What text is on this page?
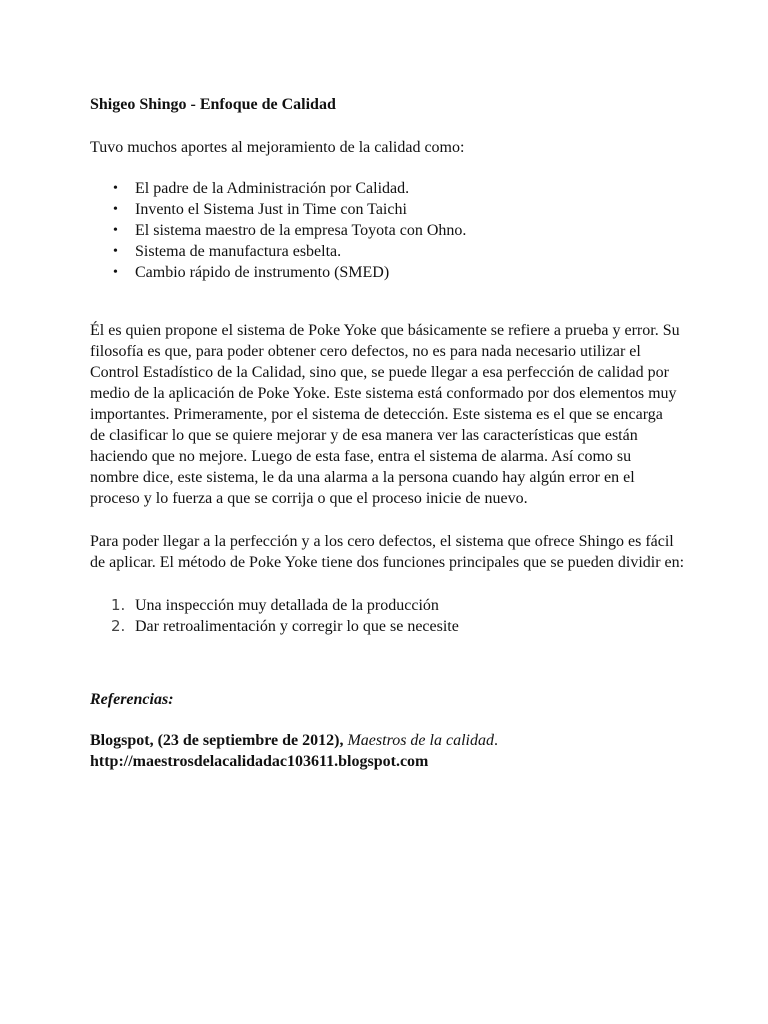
Shigeo Shingo - Enfoque de Calidad

Tuvo muchos aportes al mejoramiento de la calidad como:

• El padre de la Administración por Calidad.
• Invento el Sistema Just in Time con Taichi
• El sistema maestro de la empresa Toyota con Ohno.
• Sistema de manufactura esbelta.
• Cambio rápido de instrumento (SMED)

Él es quien propone el sistema de Poke Yoke que básicamente se refiere a prueba y error. Su filosofía es que, para poder obtener cero defectos, no es para nada necesario utilizar el Control Estadístico de la Calidad, sino que, se puede llegar a esa perfección de calidad por medio de la aplicación de Poke Yoke. Este sistema está conformado por dos elementos muy importantes. Primeramente, por el sistema de detección. Este sistema es el que se encarga de clasificar lo que se quiere mejorar y de esa manera ver las características que están haciendo que no mejore. Luego de esta fase, entra el sistema de alarma. Así como su nombre dice, este sistema, le da una alarma a la persona cuando hay algún error en el proceso y lo fuerza a que se corrija o que el proceso inicie de nuevo.

Para poder llegar a la perfección y a los cero defectos, el sistema que ofrece Shingo es fácil de aplicar. El método de Poke Yoke tiene dos funciones principales que se pueden dividir en:

1. Una inspección muy detallada de la producción
2. Dar retroalimentación y corregir lo que se necesite

Referencias:

Blogspot, (23 de septiembre de 2012), Maestros de la calidad.

http://maestrosdelacalidadac103611.blogspot.com
